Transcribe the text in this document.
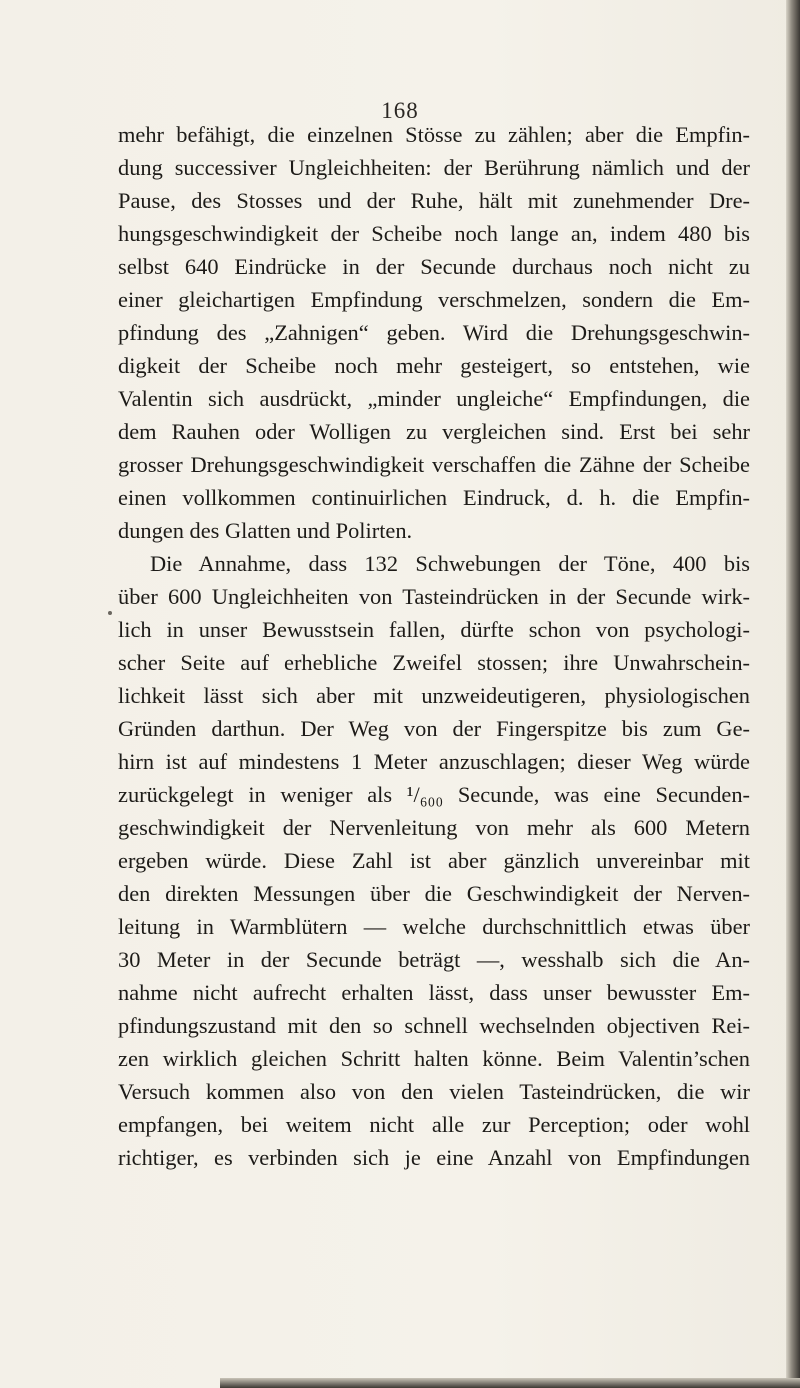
168
mehr befähigt, die einzelnen Stösse zu zählen; aber die Empfin-
dung successiver Ungleichheiten: der Berührung nämlich und der
Pause, des Stosses und der Ruhe, hält mit zunehmender Dre-
hungsgeschwindigkeit der Scheibe noch lange an, indem 480 bis
selbst 640 Eindrücke in der Secunde durchaus noch nicht zu
einer gleichartigen Empfindung verschmelzen, sondern die Em-
pfindung des „Zahnigen“ geben. Wird die Drehungsgeschwin-
digkeit der Scheibe noch mehr gesteigert, so entstehen, wie
Valentin sich ausdrückt, „minder ungleiche“ Empfindungen, die
dem Rauhen oder Wolligen zu vergleichen sind. Erst bei sehr
grosser Drehungsgeschwindigkeit verschaffen die Zähne der Scheibe
einen vollkommen continuirlichen Eindruck, d. h. die Empfin-
dungen des Glatten und Polirten.
Die Annahme, dass 132 Schwebungen der Töne, 400 bis
über 600 Ungleichheiten von Tasteindrücken in der Secunde wirk-
lich in unser Bewusstsein fallen, dürfte schon von psychologi-
scher Seite auf erhebliche Zweifel stossen; ihre Unwahrschein-
lichkeit lässt sich aber mit unzweideutigeren, physiologischen
Gründen darthun. Der Weg von der Fingerspitze bis zum Ge-
hirn ist auf mindestens 1 Meter anzuschlagen; dieser Weg würde
zurückgelegt in weniger als ¹/₆₀₀ Secunde, was eine Secunden-
geschwindigkeit der Nervenleitung von mehr als 600 Metern
ergeben würde. Diese Zahl ist aber gänzlich unvereinbar mit
den direkten Messungen über die Geschwindigkeit der Nerven-
leitung in Warmblütern — welche durchschnittlich etwas über
30 Meter in der Secunde beträgt —, wesshalb sich die An-
nahme nicht aufrecht erhalten lässt, dass unser bewusster Em-
pfindungszustand mit den so schnell wechselnden objectiven Rei-
zen wirklich gleichen Schritt halten könne. Beim Valentin’schen
Versuch kommen also von den vielen Tasteindrücken, die wir
empfangen, bei weitem nicht alle zur Perception; oder wohl
richtiger, es verbinden sich je eine Anzahl von Empfindungen
